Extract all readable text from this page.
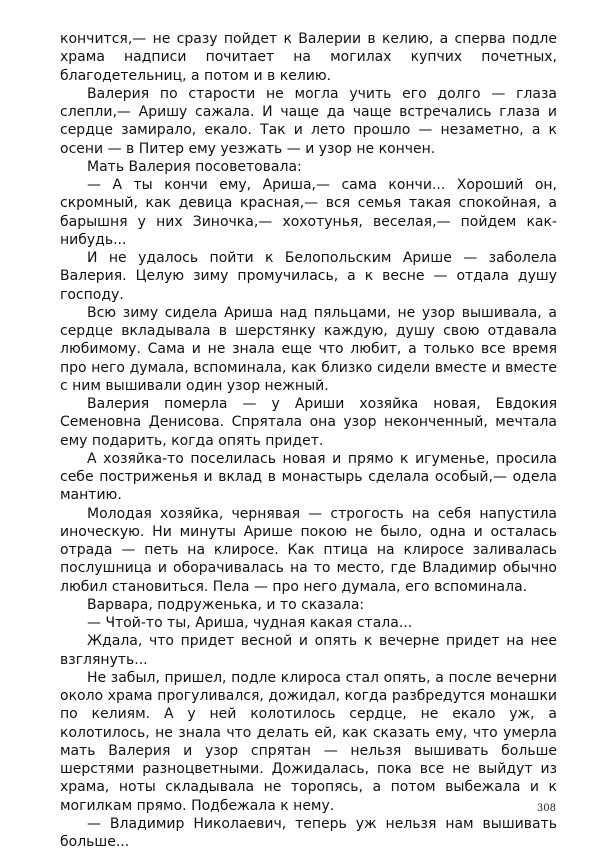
кончится,— не сразу пойдет к Валерии в келию, а сперва подле храма надписи почитает на могилах купчих почетных, благодетельниц, а потом и в келию.

Валерия по старости не могла учить его долго — глаза слепли,— Аришу сажала. И чаще да чаще встречались глаза и сердце замирало, екало. Так и лето прошло — незаметно, а к осени — в Питер ему уезжать — и узор не кончен.

Мать Валерия посоветовала:

— А ты кончи ему, Ариша,— сама кончи... Хороший он, скромный, как девица красная,— вся семья такая спокойная, а барышня у них Зиночка,— хохотунья, веселая,— пойдем как-нибудь...

И не удалось пойти к Белопольским Арише — заболела Валерия. Целую зиму промучилась, а к весне — отдала душу господу.

Всю зиму сидела Ариша над пяльцами, не узор вышивала, а сердце вкладывала в шерстянку каждую, душу свою отдавала любимому. Сама и не знала еще что любит, а только все время про него думала, вспоминала, как близко сидели вместе и вместе с ним вышивали один узор нежный.

Валерия померла — у Ариши хозяйка новая, Евдокия Семеновна Денисова. Спрятала она узор неконченный, мечтала ему подарить, когда опять придет.

А хозяйка-то поселилась новая и прямо к игуменье, просила себе постриженья и вклад в монастырь сделала особый,— одела мантию.

Молодая хозяйка, чернявая — строгость на себя напустила иноческую. Ни минуты Арише покою не было, одна и осталась отрада — петь на клиросе. Как птица на клиросе заливалась послушница и оборачивалась на то место, где Владимир обычно любил становиться. Пела — про него думала, его вспоминала.

Варвара, подруженька, и то сказала:

— Чтой-то ты, Ариша, чудная какая стала...

Ждала, что придет весной и опять к вечерне придет на нее взглянуть...

Не забыл, пришел, подле клироса стал опять, а после вечерни около храма прогуливался, дожидал, когда разбредутся монашки по келиям. А у ней колотилось сердце, не екало уж, а колотилось, не знала что делать ей, как сказать ему, что умерла мать Валерия и узор спрятан — нельзя вышивать больше шерстями разноцветными. Дожидалась, пока все не выйдут из храма, ноты складывала не торопясь, а потом выбежала и к могилкам прямо. Подбежала к нему.

— Владимир Николаевич, теперь уж нельзя нам вышивать больше...

308
